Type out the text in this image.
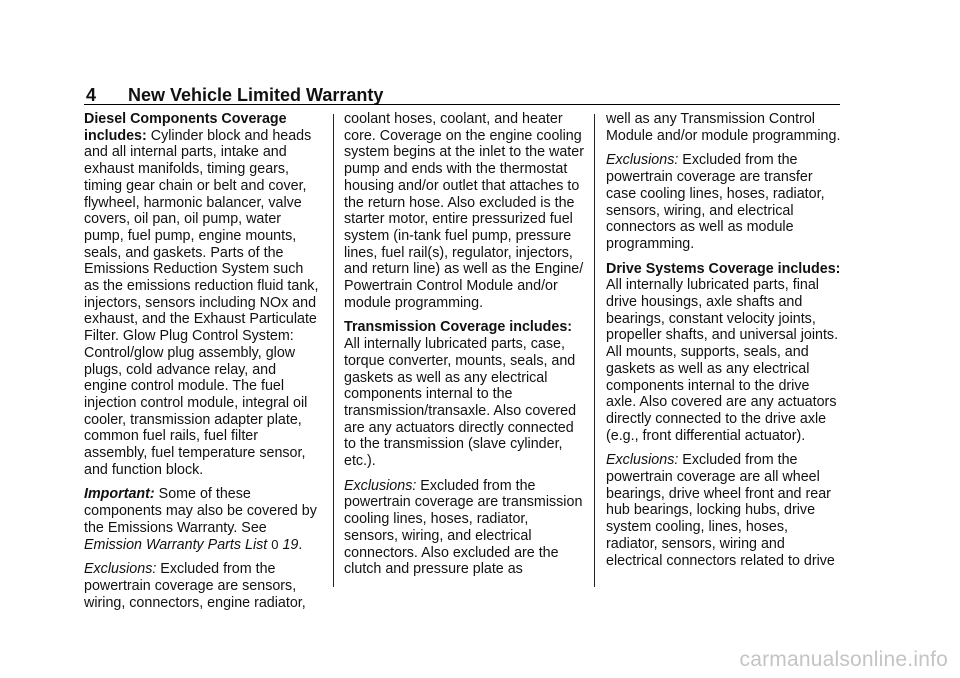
4 New Vehicle Limited Warranty

Diesel Components Coverage includes: Cylinder block and heads and all internal parts, intake and exhaust manifolds, timing gears, timing gear chain or belt and cover, flywheel, harmonic balancer, valve covers, oil pan, oil pump, water pump, fuel pump, engine mounts, seals, and gaskets. Parts of the Emissions Reduction System such as the emissions reduction fluid tank, injectors, sensors including NOx and exhaust, and the Exhaust Particulate Filter. Glow Plug Control System: Control/glow plug assembly, glow plugs, cold advance relay, and engine control module. The fuel injection control module, integral oil cooler, transmission adapter plate, common fuel rails, fuel filter assembly, fuel temperature sensor, and function block.

Important: Some of these components may also be covered by the Emissions Warranty. See Emission Warranty Parts List 0 19.

Exclusions: Excluded from the powertrain coverage are sensors, wiring, connectors, engine radiator,

coolant hoses, coolant, and heater core. Coverage on the engine cooling system begins at the inlet to the water pump and ends with the thermostat housing and/or outlet that attaches to the return hose. Also excluded is the starter motor, entire pressurized fuel system (in-tank fuel pump, pressure lines, fuel rail(s), regulator, injectors, and return line) as well as the Engine/ Powertrain Control Module and/or module programming.

Transmission Coverage includes: All internally lubricated parts, case, torque converter, mounts, seals, and gaskets as well as any electrical components internal to the transmission/transaxle. Also covered are any actuators directly connected to the transmission (slave cylinder, etc.).

Exclusions: Excluded from the powertrain coverage are transmission cooling lines, hoses, radiator, sensors, wiring, and electrical connectors. Also excluded are the clutch and pressure plate as

well as any Transmission Control Module and/or module programming.

Exclusions: Excluded from the powertrain coverage are transfer case cooling lines, hoses, radiator, sensors, wiring, and electrical connectors as well as module programming.

Drive Systems Coverage includes: All internally lubricated parts, final drive housings, axle shafts and bearings, constant velocity joints, propeller shafts, and universal joints. All mounts, supports, seals, and gaskets as well as any electrical components internal to the drive axle. Also covered are any actuators directly connected to the drive axle (e.g., front differential actuator).

Exclusions: Excluded from the powertrain coverage are all wheel bearings, drive wheel front and rear hub bearings, locking hubs, drive system cooling, lines, hoses, radiator, sensors, wiring and electrical connectors related to drive

carmanualsonline.info
